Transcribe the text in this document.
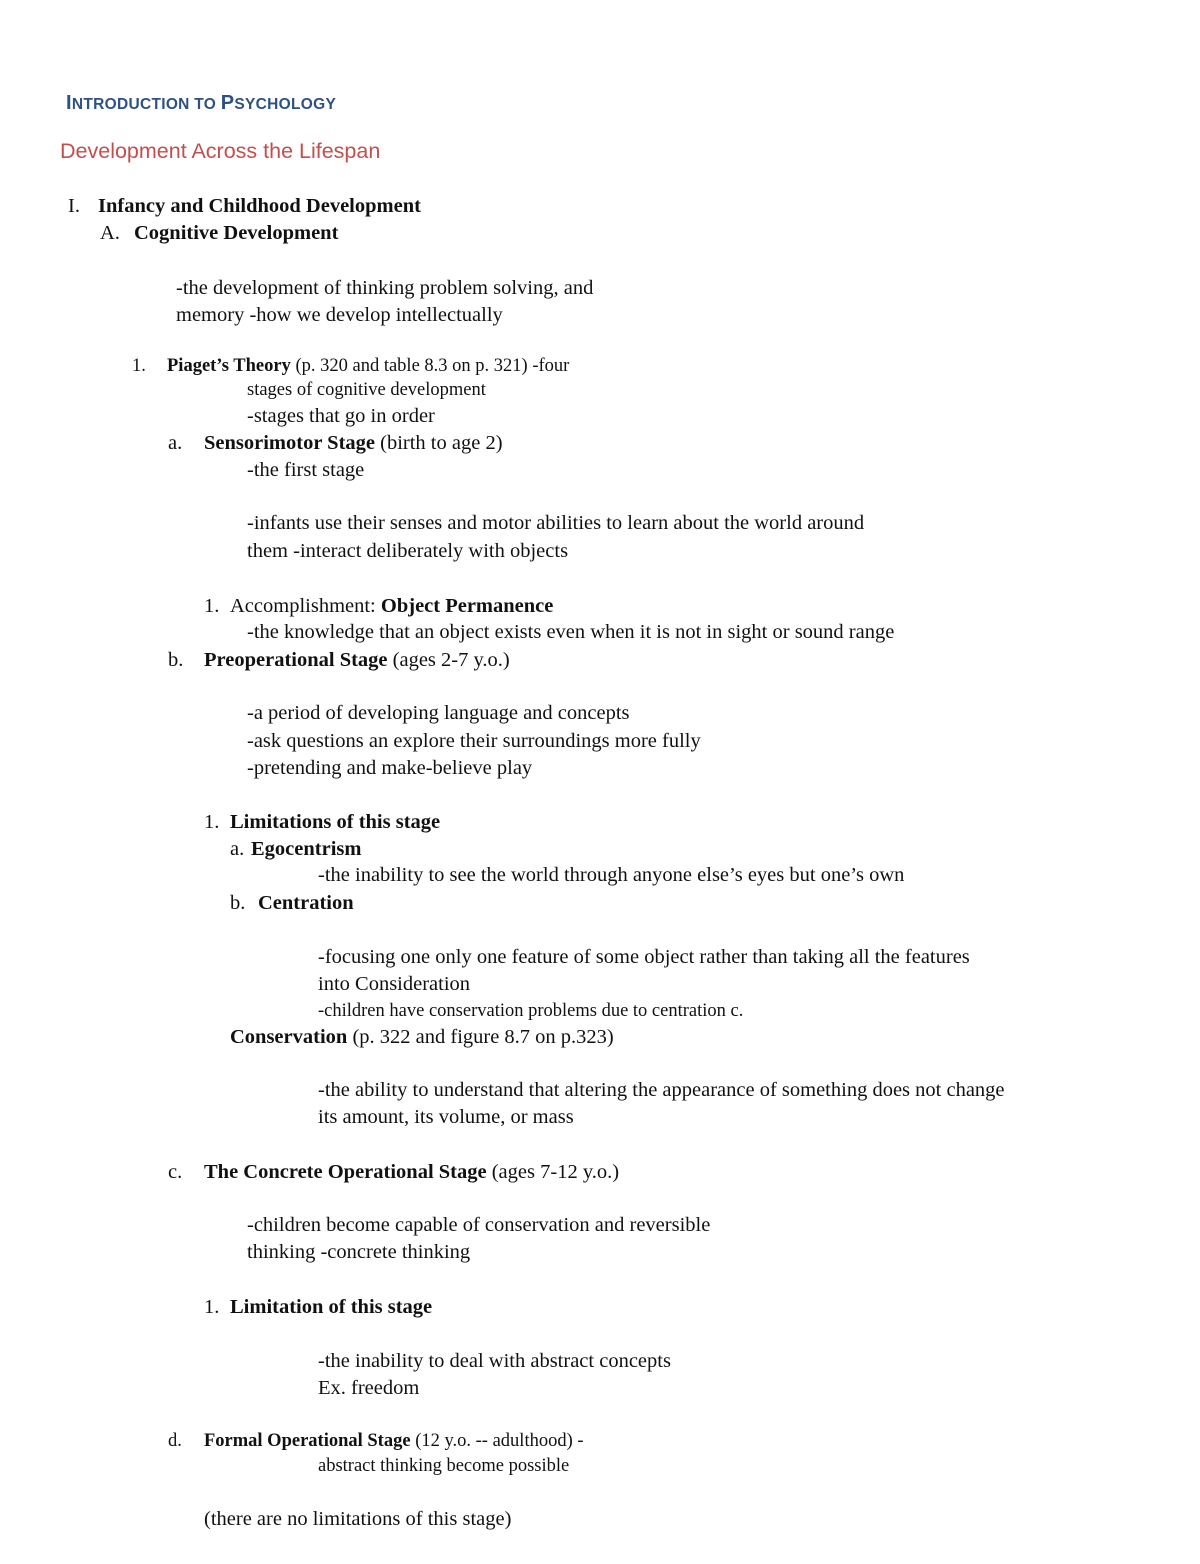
INTRODUCTION TO PSYCHOLOGY
Development Across the Lifespan
I. Infancy and Childhood Development
A. Cognitive Development
-the development of thinking problem solving, and
memory -how we develop intellectually
1. Piaget’s Theory (p. 320 and table 8.3 on p. 321) -four
stages of cognitive development
-stages that go in order
a. Sensorimotor Stage (birth to age 2)
-the first stage
-infants use their senses and motor abilities to learn about the world around
them -interact deliberately with objects
1. Accomplishment: Object Permanence
-the knowledge that an object exists even when it is not in sight or sound range
b. Preoperational Stage (ages 2-7 y.o.)
-a period of developing language and concepts
-ask questions an explore their surroundings more fully
-pretending and make-believe play
1. Limitations of this stage
a. Egocentrism
-the inability to see the world through anyone else’s eyes but one’s own
b. Centration
-focusing one only one feature of some object rather than taking all the features
into Consideration
-children have conservation problems due to centration c.
Conservation (p. 322 and figure 8.7 on p.323)
-the ability to understand that altering the appearance of something does not change
its amount, its volume, or mass
c. The Concrete Operational Stage (ages 7-12 y.o.)
-children become capable of conservation and reversible
thinking -concrete thinking
1. Limitation of this stage
-the inability to deal with abstract concepts
Ex. freedom
d. Formal Operational Stage (12 y.o. -- adulthood) -
abstract thinking become possible
(there are no limitations of this stage)
